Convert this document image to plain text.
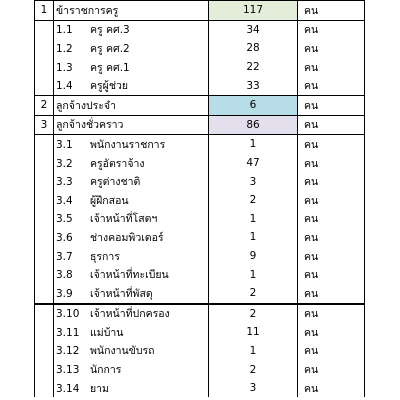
1	ข้าราชการครู	117	คน
	1.1 ครู คศ.3	34	คน
	1.2 ครู คศ.2	28	คน
	1.3 ครู คศ.1	22	คน
	1.4 ครูผู้ช่วย	33	คน
2	ลูกจ้างประจำ	6	คน
3	ลูกจ้างชั่วคราว	86	คน
	3.1 พนักงานราชการ	1	คน
	3.2 ครูอัตราจ้าง	47	คน
	3.3 ครูต่างชาติ	3	คน
	3.4 ผู้ฝึกสอน	2	คน
	3.5 เจ้าหน้าที่โสตฯ	1	คน
	3.6 ช่างคอมพิวเตอร์	1	คน
	3.7 ธุรการ	9	คน
	3.8 เจ้าหน้าที่ทะเบียน	1	คน
	3.9 เจ้าหน้าที่พัสดุ	2	คน
	3.10 เจ้าหน้าที่ปกครอง	2	คน
	3.11 แม่บ้าน	11	คน
	3.12 พนักงานขับรถ	1	คน
	3.13 นักการ	2	คน
	3.14 ยาม	3	คน
